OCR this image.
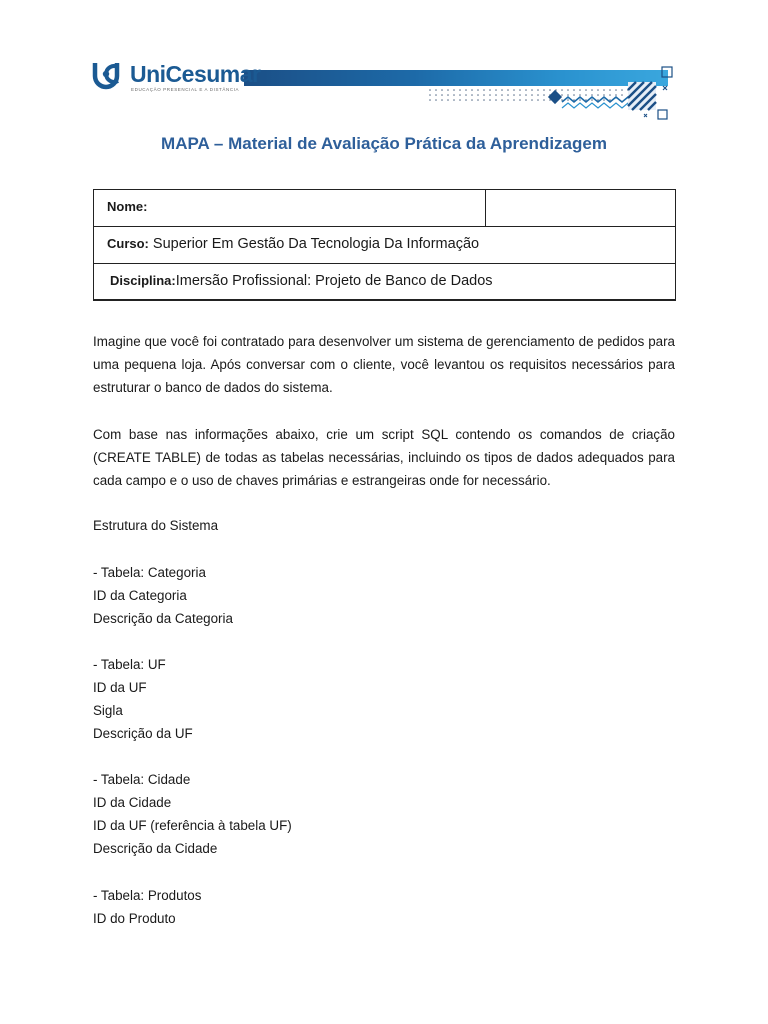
UniCesumar
EDUCAÇÃO PRESENCIAL E A DISTÂNCIA
MAPA – Material de Avaliação Prática da Aprendizagem
Nome:
Curso: Superior Em Gestão Da Tecnologia Da Informação
Disciplina:Imersão Profissional: Projeto de Banco de Dados

Imagine que você foi contratado para desenvolver um sistema de gerenciamento de pedidos para uma pequena loja. Após conversar com o cliente, você levantou os requisitos necessários para estruturar o banco de dados do sistema.

Com base nas informações abaixo, crie um script SQL contendo os comandos de criação (CREATE TABLE) de todas as tabelas necessárias, incluindo os tipos de dados adequados para cada campo e o uso de chaves primárias e estrangeiras onde for necessário.

Estrutura do Sistema
- Tabela: Categoria
ID da Categoria
Descrição da Categoria
- Tabela: UF
ID da UF
Sigla
Descrição da UF
- Tabela: Cidade
ID da Cidade
ID da UF (referência à tabela UF)
Descrição da Cidade
- Tabela: Produtos
ID do Produto
